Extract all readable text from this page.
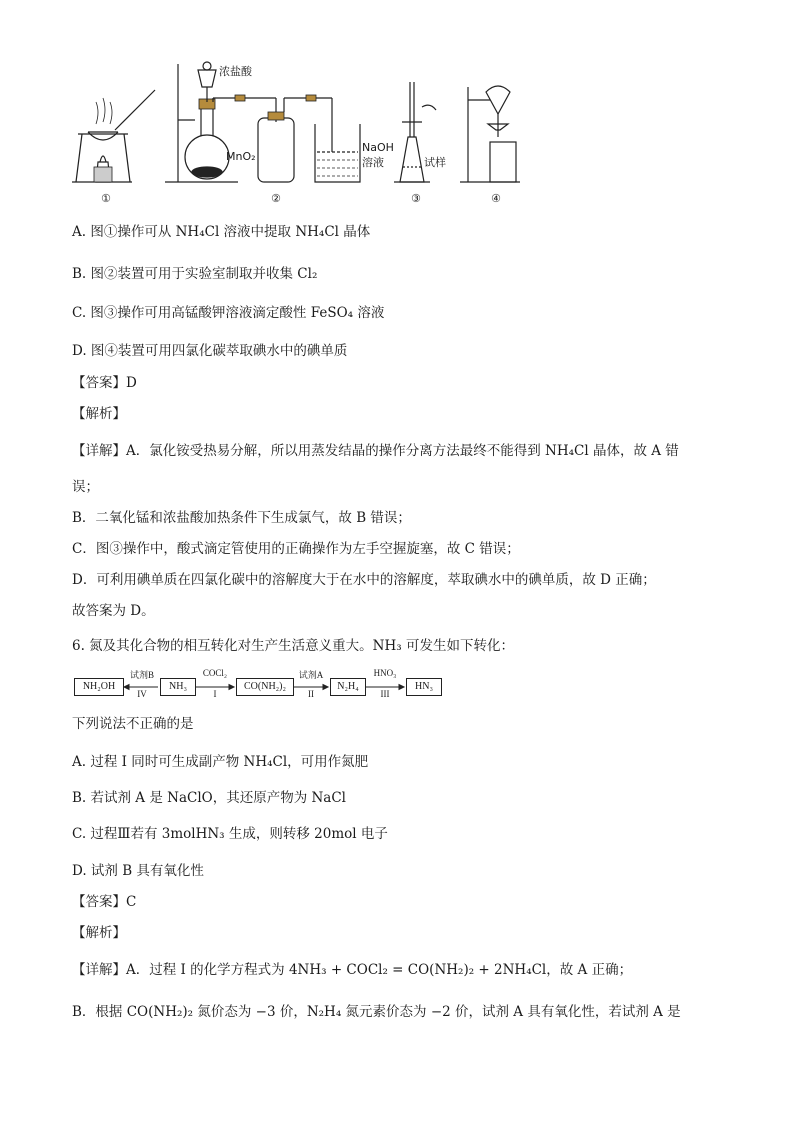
浓盐酸
MnO₂
NaOH
溶液	试样
①	②	③	④
A. 图①操作可从 NH₄Cl 溶液中提取 NH₄Cl 晶体
B. 图②装置可用于实验室制取并收集 Cl₂
C. 图③操作可用高锰酸钾溶液滴定酸性 FeSO₄ 溶液
D. 图④装置可用四氯化碳萃取碘水中的碘单质
【答案】D
【解析】
【详解】A．氯化铵受热易分解，所以用蒸发结晶的操作分离方法最终不能得到 NH₄Cl 晶体，故 A 错
误；
B．二氧化锰和浓盐酸加热条件下生成氯气，故 B 错误；
C．图③操作中，酸式滴定管使用的正确操作为左手空握旋塞，故 C 错误；
D．可利用碘单质在四氯化碳中的溶解度大于在水中的溶解度，萃取碘水中的碘单质，故 D 正确；
故答案为 D。
6. 氮及其化合物的相互转化对生产生活意义重大。NH₃ 可发生如下转化：
NH₂OH	NH₃	CO(NH₂)₂	N₂H₄	HN₃
试剂B
IV
COCl₂
I
试剂A
II
HNO₃
III
下列说法不正确的是
A. 过程 I 同时可生成副产物 NH₄Cl，可用作氮肥
B. 若试剂 A 是 NaClO，其还原产物为 NaCl
C. 过程Ⅲ若有 3molHN₃ 生成，则转移 20mol 电子
D. 试剂 B 具有氧化性
【答案】C
【解析】
【详解】A．过程 I 的化学方程式为 4NH₃ + COCl₂ = CO(NH₂)₂ + 2NH₄Cl，故 A 正确；
B．根据 CO(NH₂)₂ 氮价态为 −3 价，N₂H₄ 氮元素价态为 −2 价，试剂 A 具有氧化性，若试剂 A 是
